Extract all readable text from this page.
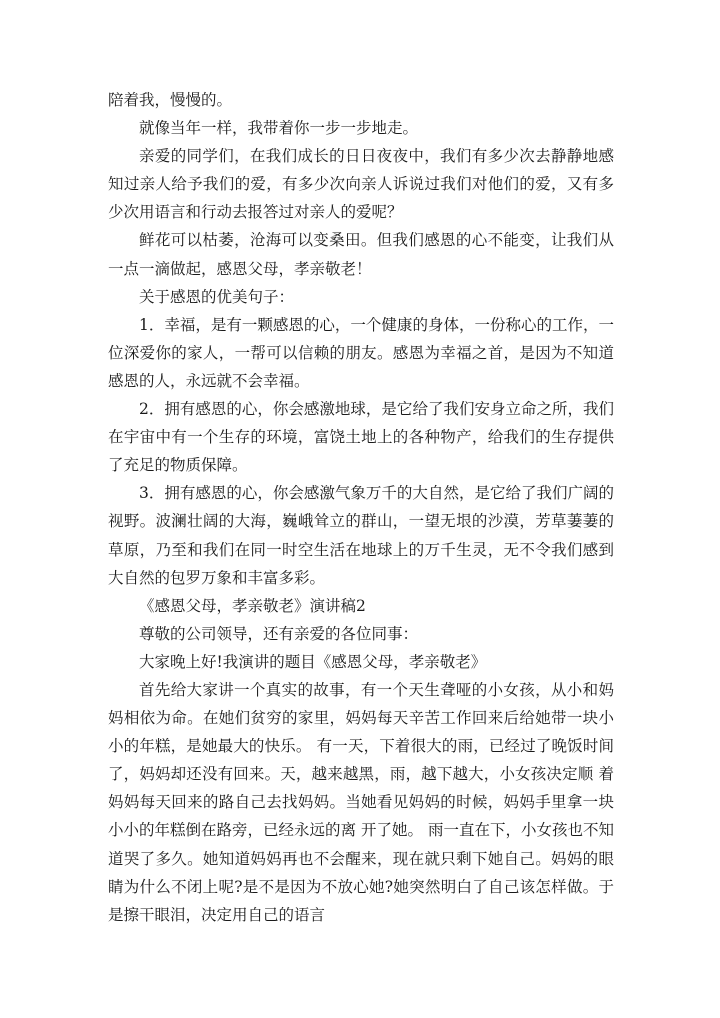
陪着我，慢慢的。

就像当年一样，我带着你一步一步地走。

亲爱的同学们，在我们成长的日日夜夜中，我们有多少次去静静地感知过亲人给予我们的爱，有多少次向亲人诉说过我们对他们的爱，又有多少次用语言和行动去报答过对亲人的爱呢？

鲜花可以枯萎，沧海可以变桑田。但我们感恩的心不能变，让我们从一点一滴做起，感恩父母，孝亲敬老！

关于感恩的优美句子：

1．幸福，是有一颗感恩的心，一个健康的身体，一份称心的工作，一位深爱你的家人，一帮可以信赖的朋友。感恩为幸福之首，是因为不知道感恩的人，永远就不会幸福。

2．拥有感恩的心，你会感激地球，是它给了我们安身立命之所，我们在宇宙中有一个生存的环境，富饶土地上的各种物产，给我们的生存提供了充足的物质保障。

3．拥有感恩的心，你会感激气象万千的大自然，是它给了我们广阔的视野。波澜壮阔的大海，巍峨耸立的群山，一望无垠的沙漠，芳草萋萋的草原，乃至和我们在同一时空生活在地球上的万千生灵，无不令我们感到大自然的包罗万象和丰富多彩。

《感恩父母，孝亲敬老》演讲稿2

尊敬的公司领导，还有亲爱的各位同事：

大家晚上好!我演讲的题目《感恩父母，孝亲敬老》

首先给大家讲一个真实的故事，有一个天生聋哑的小女孩，从小和妈妈相依为命。在她们贫穷的家里，妈妈每天辛苦工作回来后给她带一块小小的年糕，是她最大的快乐。 有一天，下着很大的雨，已经过了晚饭时间了，妈妈却还没有回来。天，越来越黑，雨，越下越大，小女孩决定顺 着妈妈每天回来的路自己去找妈妈。当她看见妈妈的时候，妈妈手里拿一块小小的年糕倒在路旁，已经永远的离 开了她。 雨一直在下，小女孩也不知道哭了多久。她知道妈妈再也不会醒来，现在就只剩下她自己。妈妈的眼睛为什么不闭上呢?是不是因为不放心她?她突然明白了自己该怎样做。于是擦干眼泪，决定用自己的语言
